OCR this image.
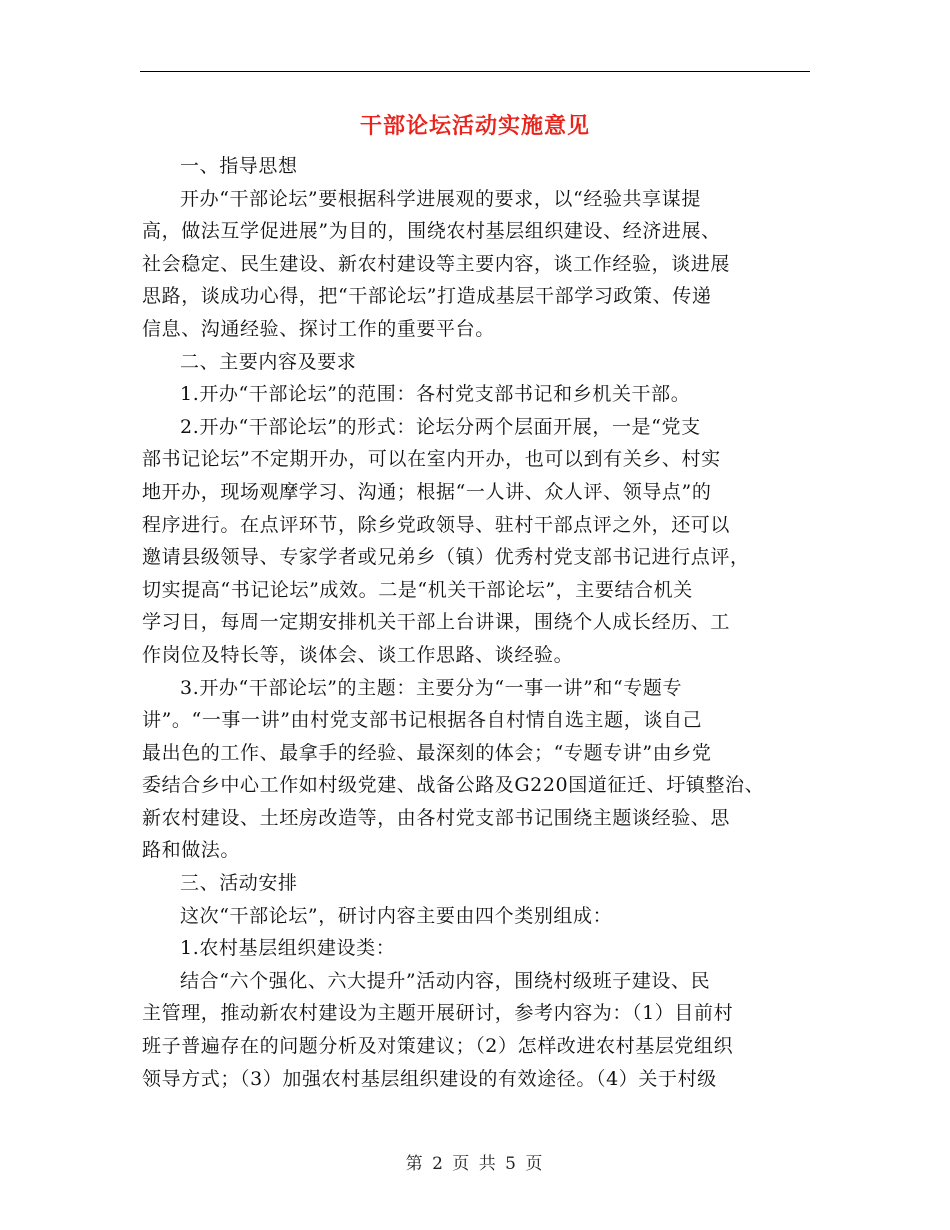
干部论坛活动实施意见

一、指导思想

开办“干部论坛”要根据科学进展观的要求，以“经验共享谋提

高，做法互学促进展”为目的，围绕农村基层组织建设、经济进展、

社会稳定、民生建设、新农村建设等主要内容，谈工作经验，谈进展

思路，谈成功心得，把“干部论坛”打造成基层干部学习政策、传递

信息、沟通经验、探讨工作的重要平台。

二、主要内容及要求

1.开办“干部论坛”的范围：各村党支部书记和乡机关干部。

2.开办“干部论坛”的形式：论坛分两个层面开展，一是“党支

部书记论坛”不定期开办，可以在室内开办，也可以到有关乡、村实

地开办，现场观摩学习、沟通；根据“一人讲、众人评、领导点”的

程序进行。在点评环节，除乡党政领导、驻村干部点评之外，还可以

邀请县级领导、专家学者或兄弟乡（镇）优秀村党支部书记进行点评，

切实提高“书记论坛”成效。二是“机关干部论坛”，主要结合机关

学习日，每周一定期安排机关干部上台讲课，围绕个人成长经历、工

作岗位及特长等，谈体会、谈工作思路、谈经验。

3.开办“干部论坛”的主题：主要分为“一事一讲”和“专题专

讲”。“一事一讲”由村党支部书记根据各自村情自选主题，谈自己

最出色的工作、最拿手的经验、最深刻的体会；“专题专讲”由乡党

委结合乡中心工作如村级党建、战备公路及G220国道征迁、圩镇整治、

新农村建设、土坯房改造等，由各村党支部书记围绕主题谈经验、思

路和做法。

三、活动安排

这次“干部论坛”，研讨内容主要由四个类别组成：

1.农村基层组织建设类：

结合“六个强化、六大提升”活动内容，围绕村级班子建设、民

主管理，推动新农村建设为主题开展研讨，参考内容为：（1）目前村

班子普遍存在的问题分析及对策建议；（2）怎样改进农村基层党组织

领导方式；（3）加强农村基层组织建设的有效途径。（4）关于村级

第 2 页 共 5 页
